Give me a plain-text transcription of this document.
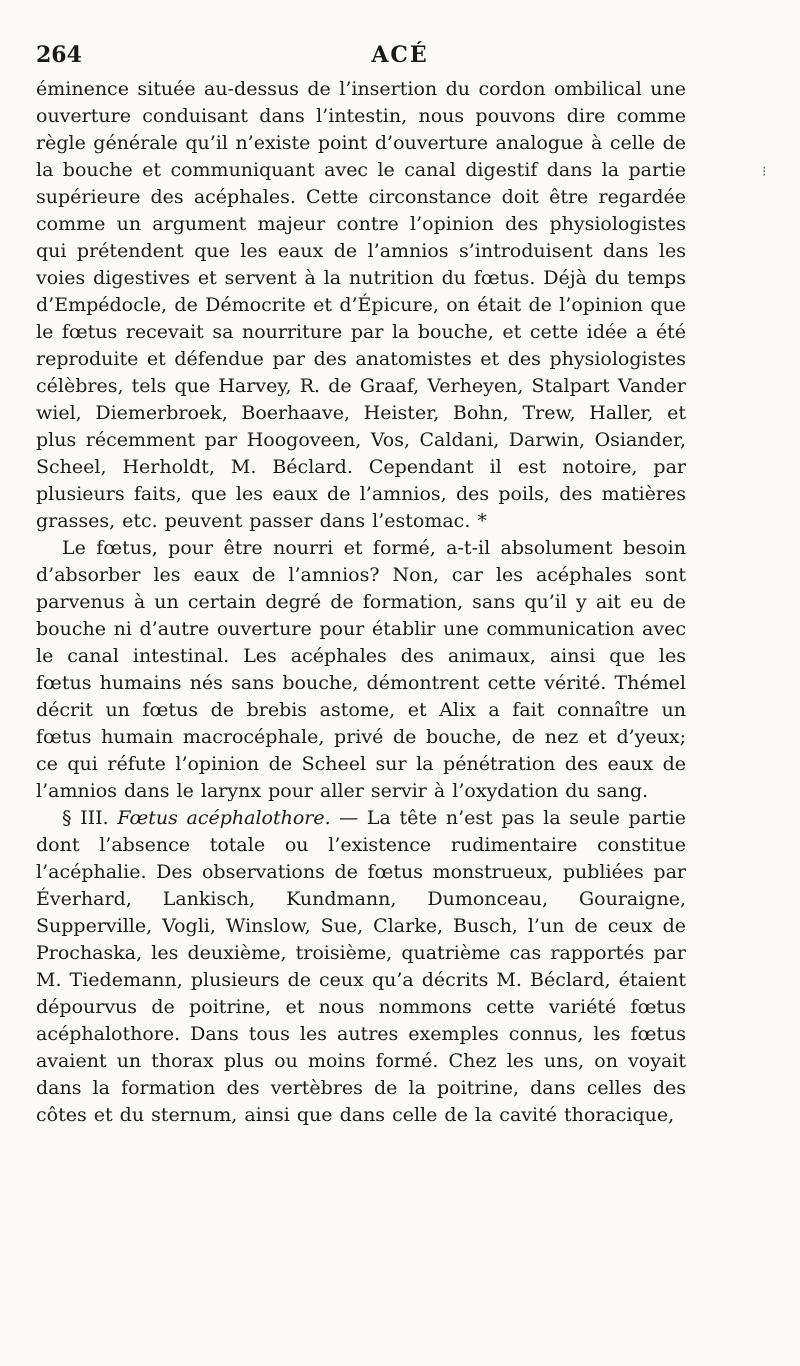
264	ACÉ
⁝

éminence située au-dessus de l’insertion du cordon ombilical une ouverture conduisant dans l’intestin, nous pouvons dire comme règle générale qu’il n’existe point d’ouverture analogue à celle de la bouche et communiquant avec le canal digestif dans la partie supérieure des acéphales. Cette circonstance doit être regardée comme un argument majeur contre l’opinion des physiologistes qui prétendent que les eaux de l’amnios s’introduisent dans les voies digestives et servent à la nutrition du fœtus. Déjà du temps d’Empédocle, de Démocrite et d’Épicure, on était de l’opinion que le fœtus recevait sa nourriture par la bouche, et cette idée a été reproduite et défendue par des anatomistes et des physiologistes célèbres, tels que Harvey, R. de Graaf, Verheyen, Stalpart Vander wiel, Diemerbroek, Boerhaave, Heister, Bohn, Trew, Haller, et plus récemment par Hoogoveen, Vos, Caldani, Darwin, Osiander, Scheel, Herholdt, M. Béclard. Cependant il est notoire, par plusieurs faits, que les eaux de l’amnios, des poils, des matières grasses, etc. peuvent passer dans l’estomac. *

Le fœtus, pour être nourri et formé, a-t-il absolument besoin d’absorber les eaux de l’amnios? Non, car les acéphales sont parvenus à un certain degré de formation, sans qu’il y ait eu de bouche ni d’autre ouverture pour établir une communication avec le canal intestinal. Les acéphales des animaux, ainsi que les fœtus humains nés sans bouche, démontrent cette vérité. Thémel décrit un fœtus de brebis astome, et Alix a fait connaître un fœtus humain macrocéphale, privé de bouche, de nez et d’yeux; ce qui réfute l’opinion de Scheel sur la pénétration des eaux de l’amnios dans le larynx pour aller servir à l’oxydation du sang.

§ III. Fœtus acéphalothore. — La tête n’est pas la seule partie dont l’absence totale ou l’existence rudimentaire constitue l’acéphalie. Des observations de fœtus monstrueux, publiées par Éverhard, Lankisch, Kundmann, Dumonceau, Gouraigne, Supperville, Vogli, Winslow, Sue, Clarke, Busch, l’un de ceux de Prochaska, les deuxième, troisième, quatrième cas rapportés par M. Tiedemann, plusieurs de ceux qu’a décrits M. Béclard, étaient dépourvus de poitrine, et nous nommons cette variété fœtus acéphalothore. Dans tous les autres exemples connus, les fœtus avaient un thorax plus ou moins formé. Chez les uns, on voyait dans la formation des vertèbres de la poitrine, dans celles des côtes et du sternum, ainsi que dans celle de la cavité thoracique,
